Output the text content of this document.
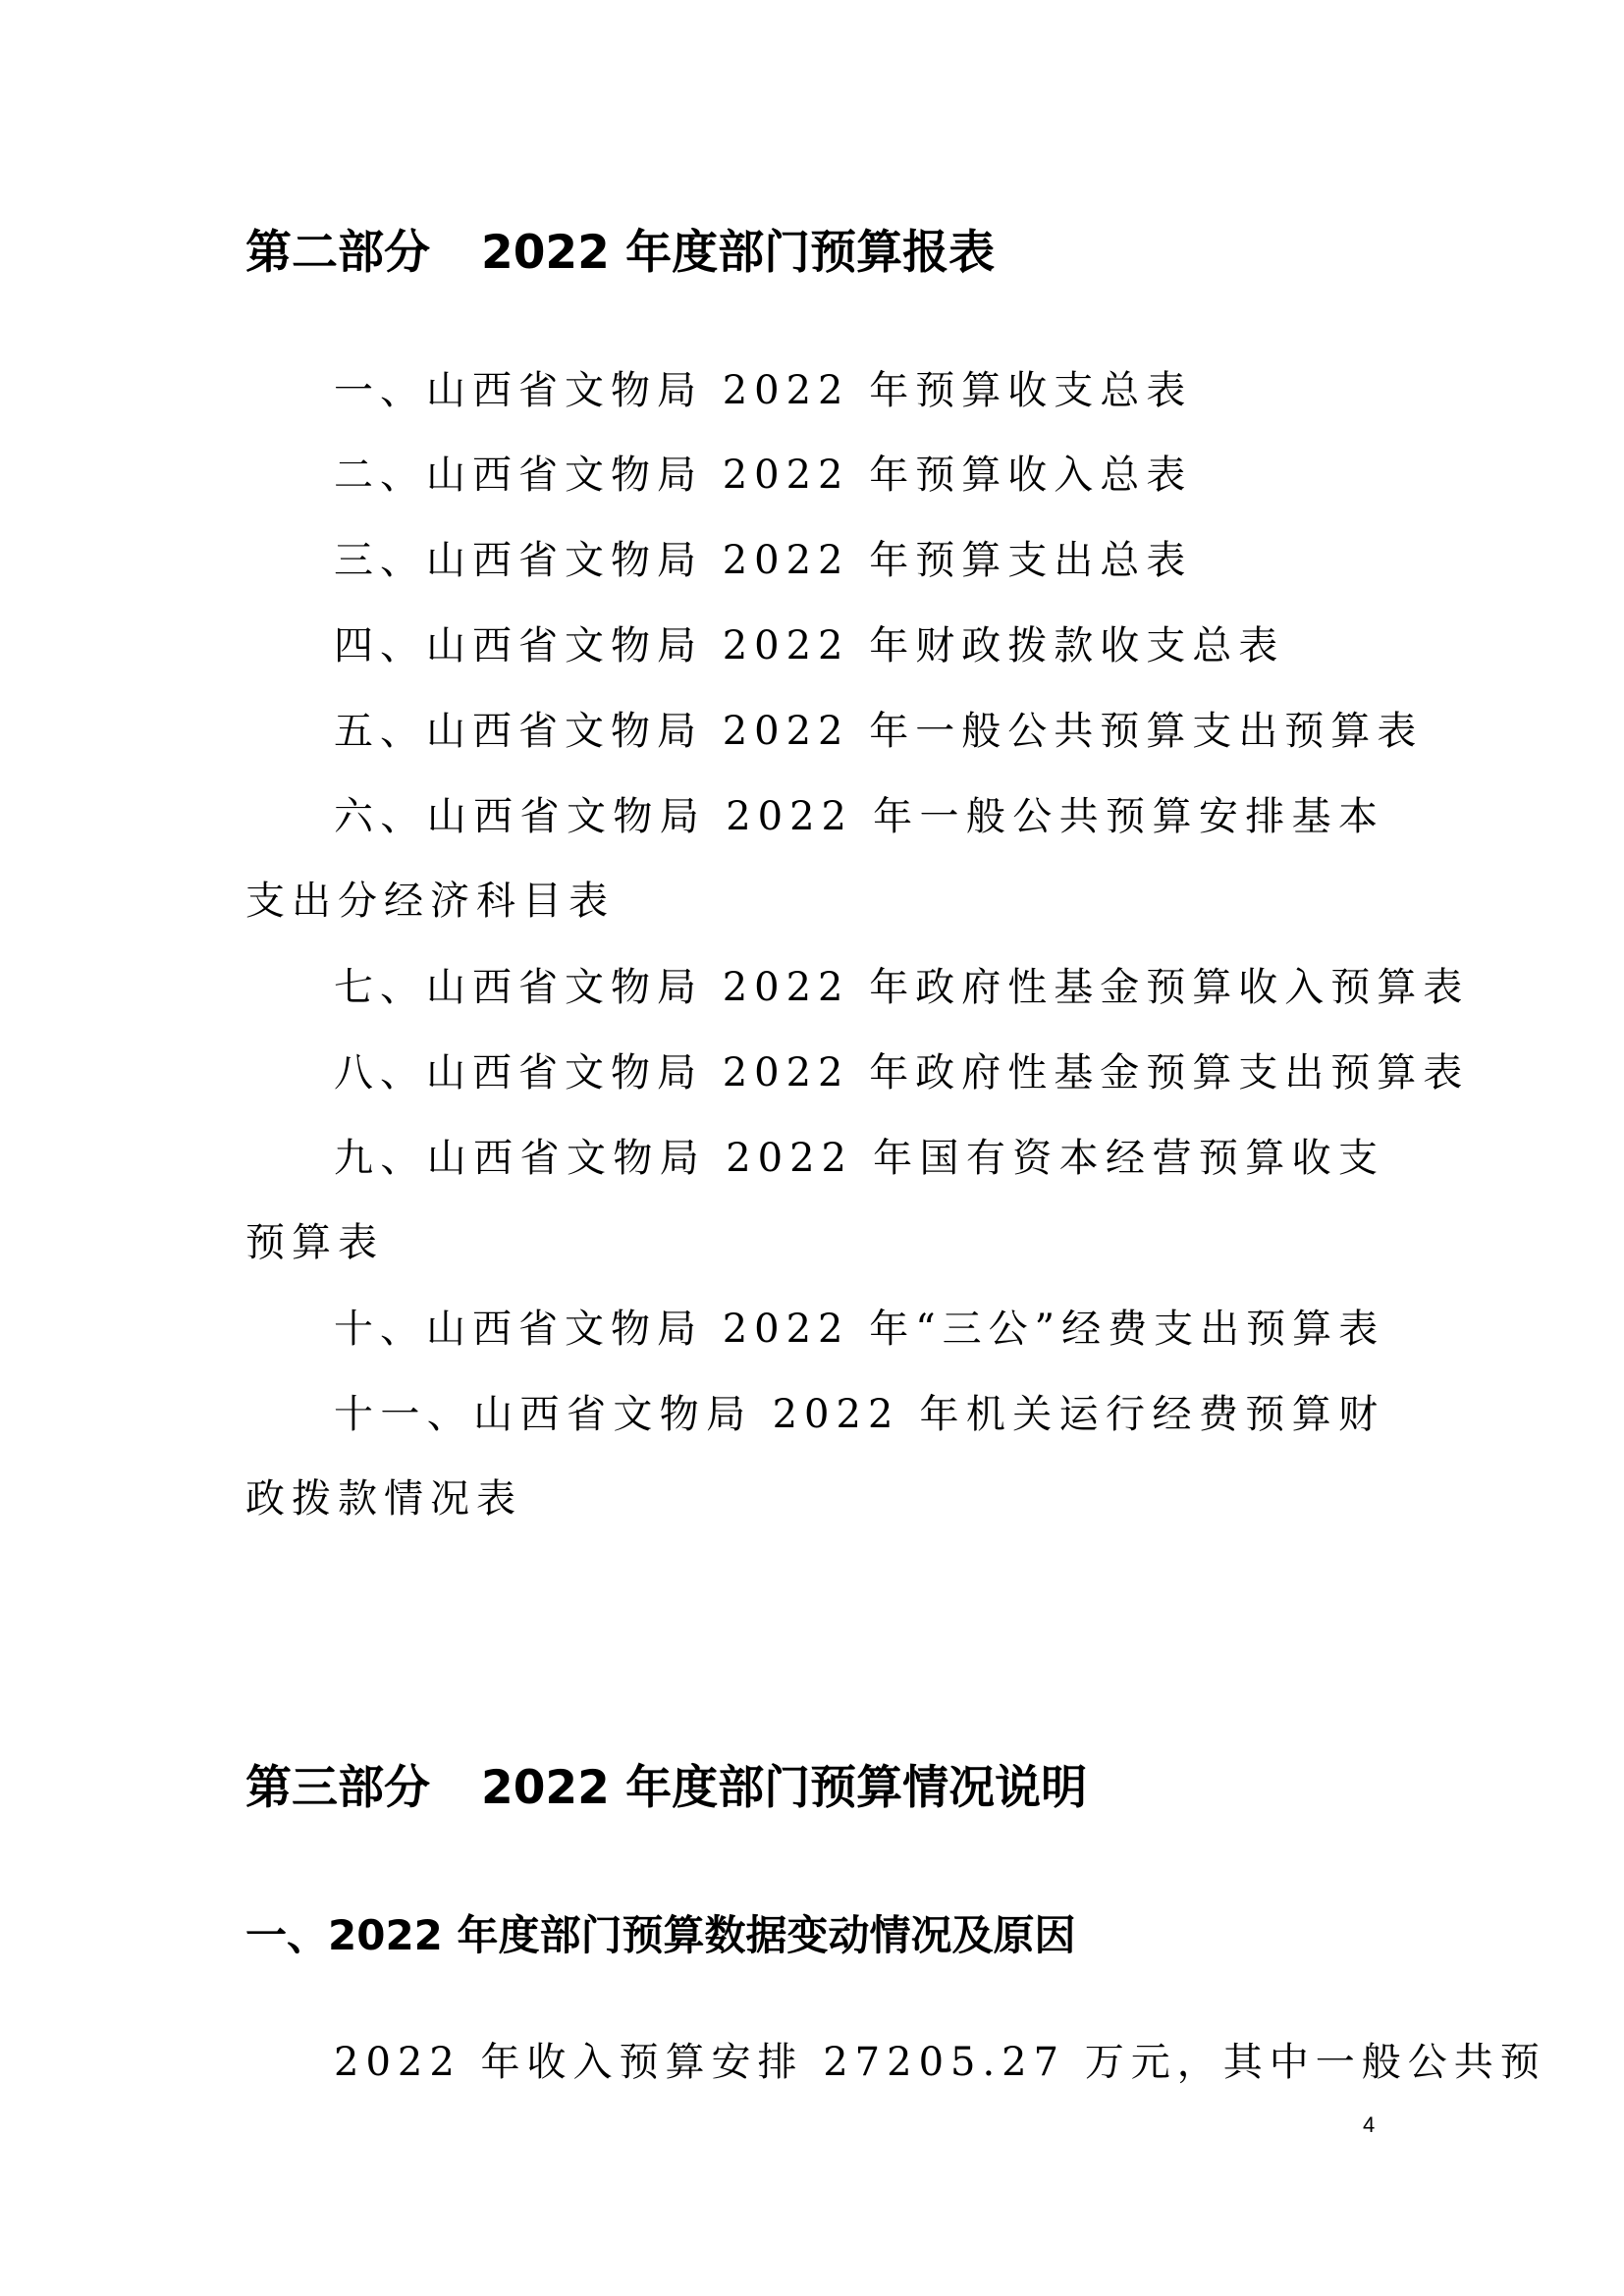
第二部分 2022 年度部门预算报表
一、山西省文物局 2022 年预算收支总表
二、山西省文物局 2022 年预算收入总表
三、山西省文物局 2022 年预算支出总表
四、山西省文物局 2022 年财政拨款收支总表
五、山西省文物局 2022 年一般公共预算支出预算表
六、山西省文物局 2022 年一般公共预算安排基本支出分经济科目表
七、山西省文物局 2022 年政府性基金预算收入预算表
八、山西省文物局 2022 年政府性基金预算支出预算表
九、山西省文物局 2022 年国有资本经营预算收支预算表
十、山西省文物局 2022 年“三公”经费支出预算表
十一、山西省文物局 2022 年机关运行经费预算财政拨款情况表
第三部分 2022 年度部门预算情况说明
一、2022 年度部门预算数据变动情况及原因

2022 年收入预算安排 27205.27 万元，其中一般公共预

4
